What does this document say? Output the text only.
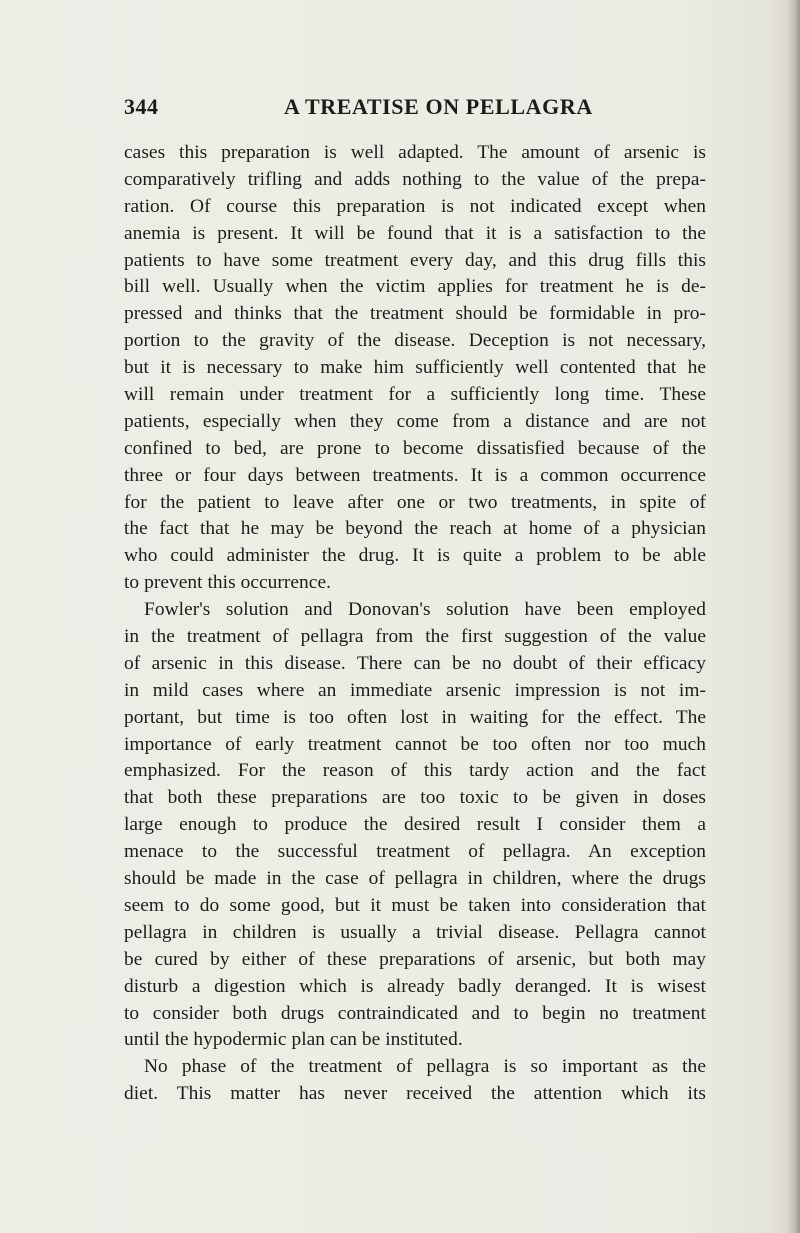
344	A TREATISE ON PELLAGRA
cases this preparation is well adapted. The amount of arsenic is
comparatively trifling and adds nothing to the value of the prepa-
ration. Of course this preparation is not indicated except when
anemia is present. It will be found that it is a satisfaction to the
patients to have some treatment every day, and this drug fills this
bill well. Usually when the victim applies for treatment he is de-
pressed and thinks that the treatment should be formidable in pro-
portion to the gravity of the disease. Deception is not necessary,
but it is necessary to make him sufficiently well contented that he
will remain under treatment for a sufficiently long time. These
patients, especially when they come from a distance and are not
confined to bed, are prone to become dissatisfied because of the
three or four days between treatments. It is a common occurrence
for the patient to leave after one or two treatments, in spite of
the fact that he may be beyond the reach at home of a physician
who could administer the drug. It is quite a problem to be able
to prevent this occurrence.
Fowler's solution and Donovan's solution have been employed
in the treatment of pellagra from the first suggestion of the value
of arsenic in this disease. There can be no doubt of their efficacy
in mild cases where an immediate arsenic impression is not im-
portant, but time is too often lost in waiting for the effect. The
importance of early treatment cannot be too often nor too much
emphasized. For the reason of this tardy action and the fact
that both these preparations are too toxic to be given in doses
large enough to produce the desired result I consider them a
menace to the successful treatment of pellagra. An exception
should be made in the case of pellagra in children, where the drugs
seem to do some good, but it must be taken into consideration that
pellagra in children is usually a trivial disease. Pellagra cannot
be cured by either of these preparations of arsenic, but both may
disturb a digestion which is already badly deranged. It is wisest
to consider both drugs contraindicated and to begin no treatment
until the hypodermic plan can be instituted.
No phase of the treatment of pellagra is so important as the
diet. This matter has never received the attention which its
